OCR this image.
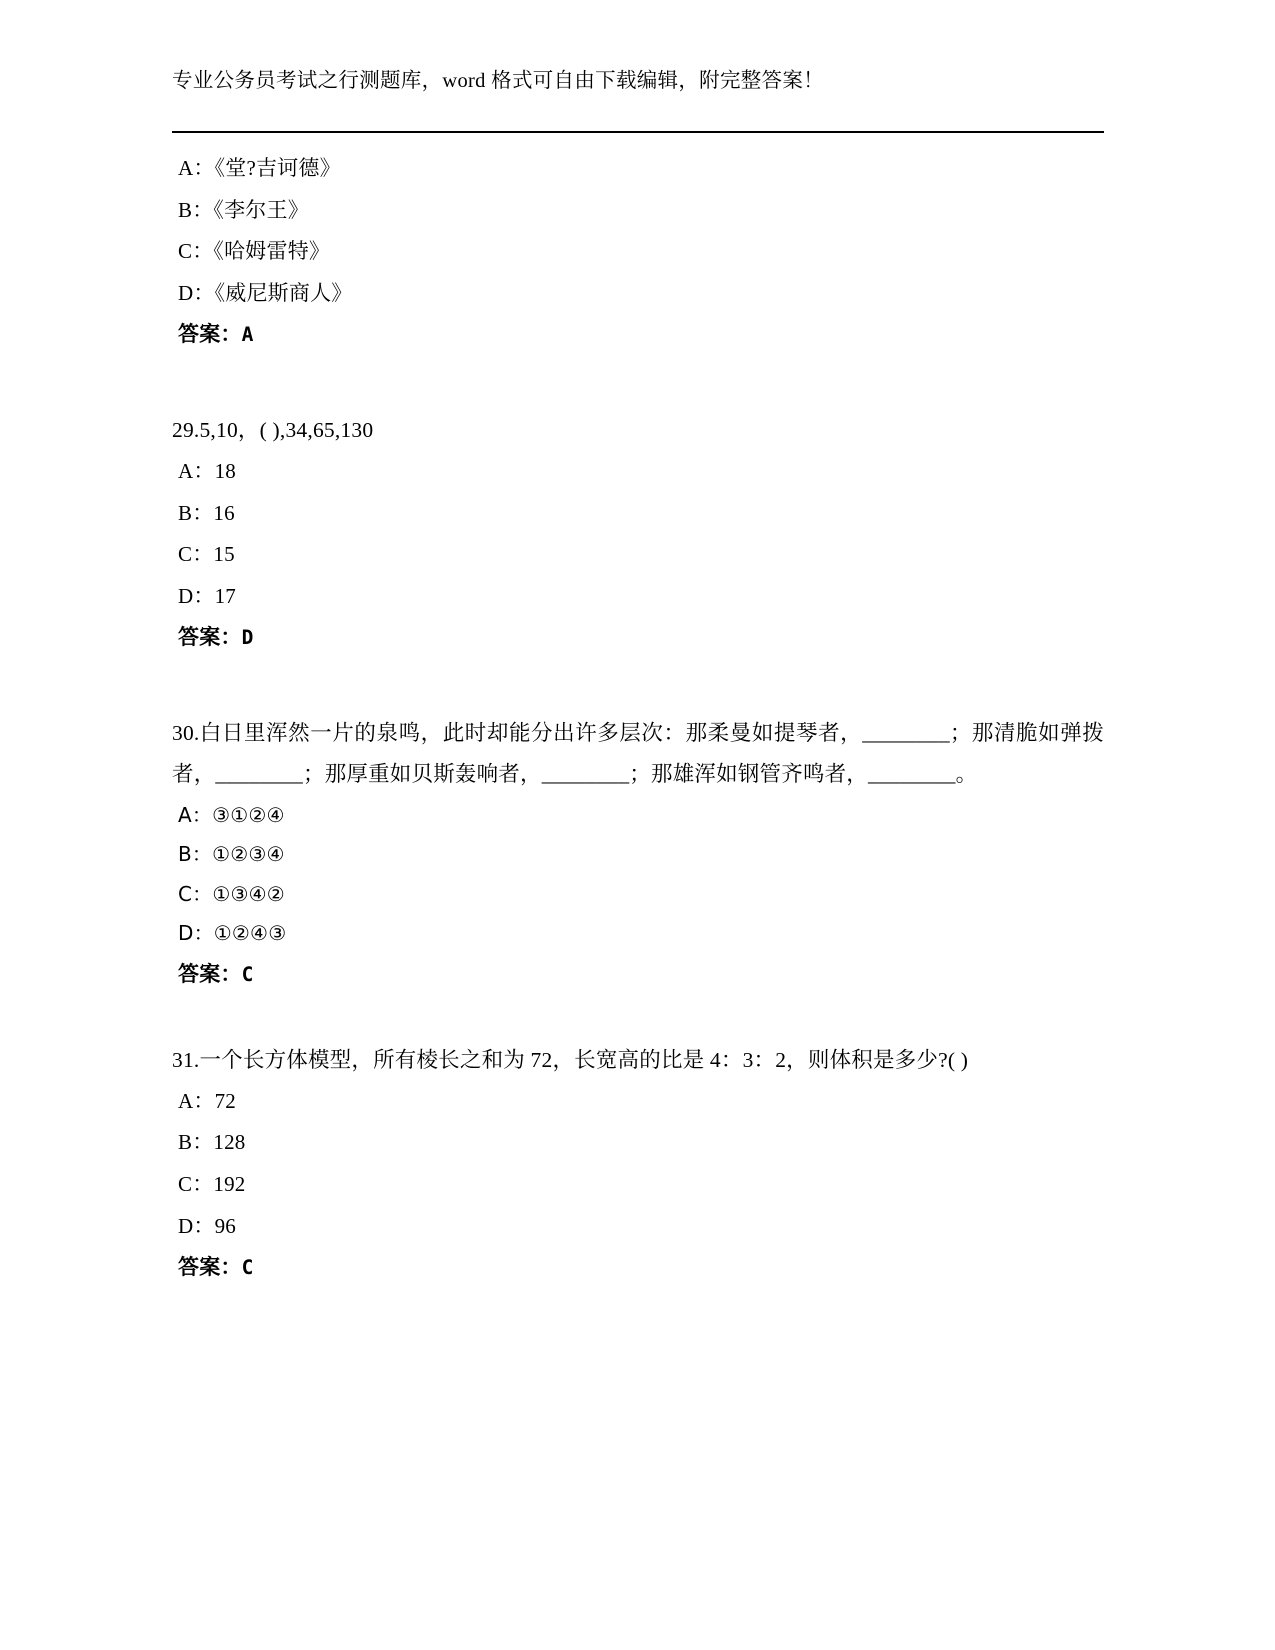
专业公务员考试之行测题库，word 格式可自由下载编辑，附完整答案！
A：《堂?吉诃德》
B：《李尔王》
C：《哈姆雷特》
D：《威尼斯商人》
答案：A
29.5,10，( ),34,65,130
A：18
B：16
C：15
D：17
答案：D
30.白日里浑然一片的泉鸣，此时却能分出许多层次：那柔曼如提琴者，________；那清脆如弹拨者，________；那厚重如贝斯轰响者，________；那雄浑如钢管齐鸣者，________。
A：③①②④
B：①②③④
C：①③④②
D：①②④③
答案：C
31.一个长方体模型，所有棱长之和为 72，长宽高的比是 4：3：2，则体积是多少?( )
A：72
B：128
C：192
D：96
答案：C
